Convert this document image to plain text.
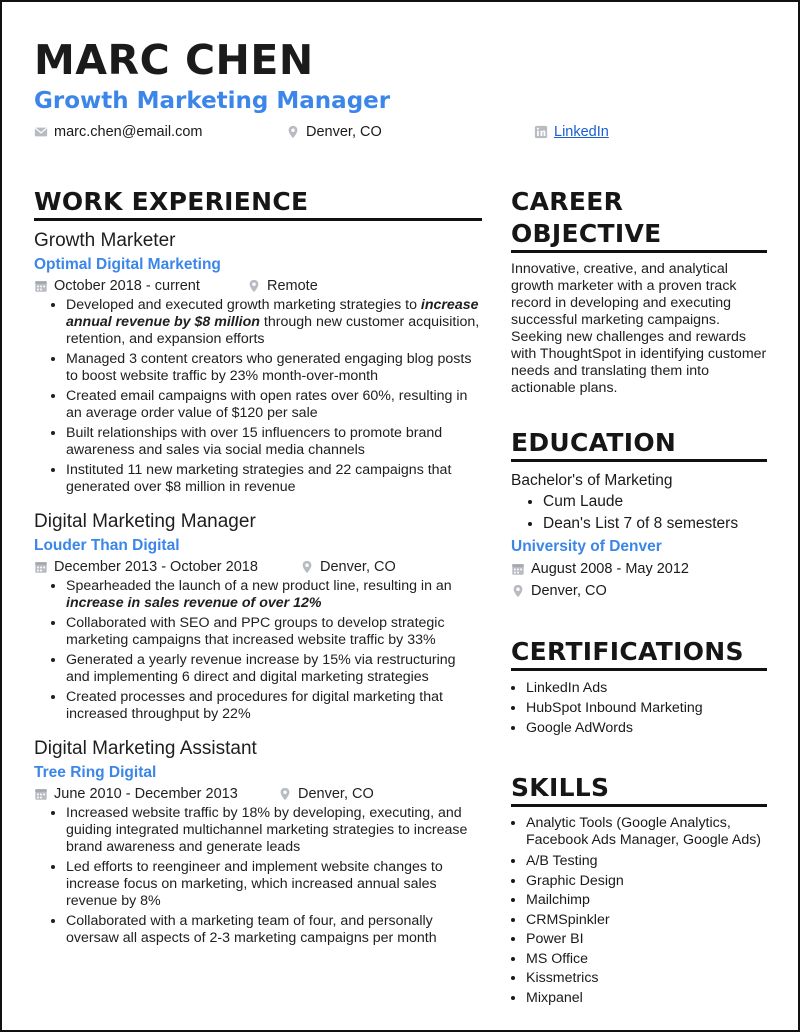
MARC CHEN
Growth Marketing Manager
marc.chen@email.com	Denver, CO	LinkedIn
WORK EXPERIENCE
Growth Marketer
Optimal Digital Marketing
October 2018 - current	Remote
• Developed and executed growth marketing strategies to increase annual revenue by $8 million through new customer acquisition, retention, and expansion efforts
• Managed 3 content creators who generated engaging blog posts to boost website traffic by 23% month-over-month
• Created email campaigns with open rates over 60%, resulting in an average order value of $120 per sale
• Built relationships with over 15 influencers to promote brand awareness and sales via social media channels
• Instituted 11 new marketing strategies and 22 campaigns that generated over $8 million in revenue
Digital Marketing Manager
Louder Than Digital
December 2013 - October 2018	Denver, CO
• Spearheaded the launch of a new product line, resulting in an increase in sales revenue of over 12%
• Collaborated with SEO and PPC groups to develop strategic marketing campaigns that increased website traffic by 33%
• Generated a yearly revenue increase by 15% via restructuring and implementing 6 direct and digital marketing strategies
• Created processes and procedures for digital marketing that increased throughput by 22%
Digital Marketing Assistant
Tree Ring Digital
June 2010 - December 2013	Denver, CO
• Increased website traffic by 18% by developing, executing, and guiding integrated multichannel marketing strategies to increase brand awareness and generate leads
• Led efforts to reengineer and implement website changes to increase focus on marketing, which increased annual sales revenue by 8%
• Collaborated with a marketing team of four, and personally oversaw all aspects of 2-3 marketing campaigns per month
CAREER OBJECTIVE
Innovative, creative, and analytical growth marketer with a proven track record in developing and executing successful marketing campaigns. Seeking new challenges and rewards with ThoughtSpot in identifying customer needs and translating them into actionable plans.
EDUCATION
Bachelor's of Marketing
• Cum Laude
• Dean's List 7 of 8 semesters
University of Denver
August 2008 - May 2012
Denver, CO
CERTIFICATIONS
• LinkedIn Ads
• HubSpot Inbound Marketing
• Google AdWords
SKILLS
• Analytic Tools (Google Analytics, Facebook Ads Manager, Google Ads)
• A/B Testing
• Graphic Design
• Mailchimp
• CRMSpinkler
• Power BI
• MS Office
• Kissmetrics
• Mixpanel
